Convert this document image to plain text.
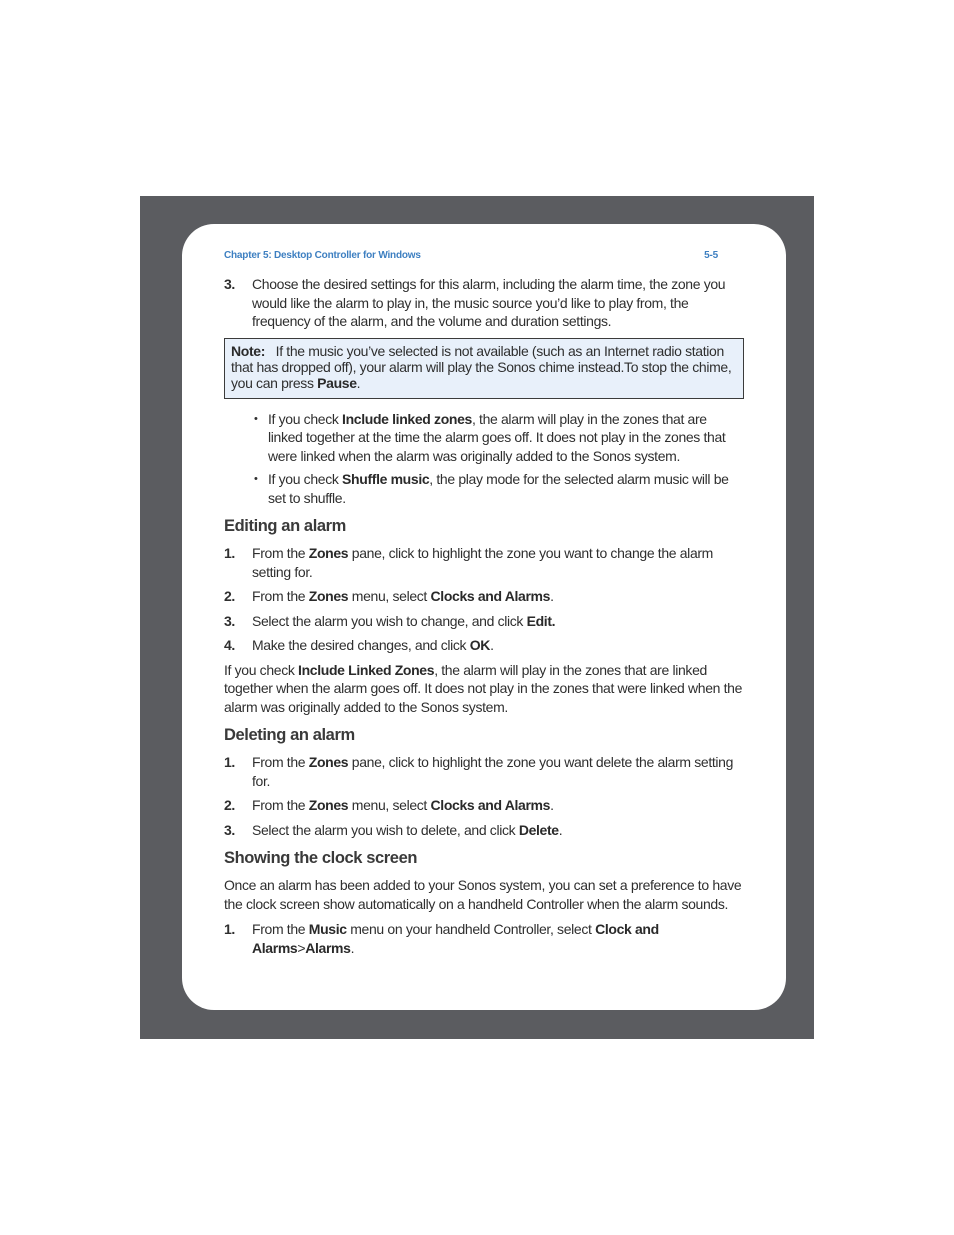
Chapter 5: Desktop Controller for Windows	5-5
3. Choose the desired settings for this alarm, including the alarm time, the zone you would like the alarm to play in, the music source you’d like to play from, the frequency of the alarm, and the volume and duration settings.
Note: If the music you’ve selected is not available (such as an Internet radio station that has dropped off), your alarm will play the Sonos chime instead.To stop the chime, you can press Pause.
• If you check Include linked zones, the alarm will play in the zones that are linked together at the time the alarm goes off. It does not play in the zones that were linked when the alarm was originally added to the Sonos system.
• If you check Shuffle music, the play mode for the selected alarm music will be set to shuffle.
Editing an alarm
1. From the Zones pane, click to highlight the zone you want to change the alarm setting for.
2. From the Zones menu, select Clocks and Alarms.
3. Select the alarm you wish to change, and click Edit.
4. Make the desired changes, and click OK.

If you check Include Linked Zones, the alarm will play in the zones that are linked together when the alarm goes off. It does not play in the zones that were linked when the alarm was originally added to the Sonos system.

Deleting an alarm
1. From the Zones pane, click to highlight the zone you want delete the alarm setting for.
2. From the Zones menu, select Clocks and Alarms.
3. Select the alarm you wish to delete, and click Delete.
Showing the clock screen

Once an alarm has been added to your Sonos system, you can set a preference to have the clock screen show automatically on a handheld Controller when the alarm sounds.

1. From the Music menu on your handheld Controller, select Clock and Alarms>Alarms.
